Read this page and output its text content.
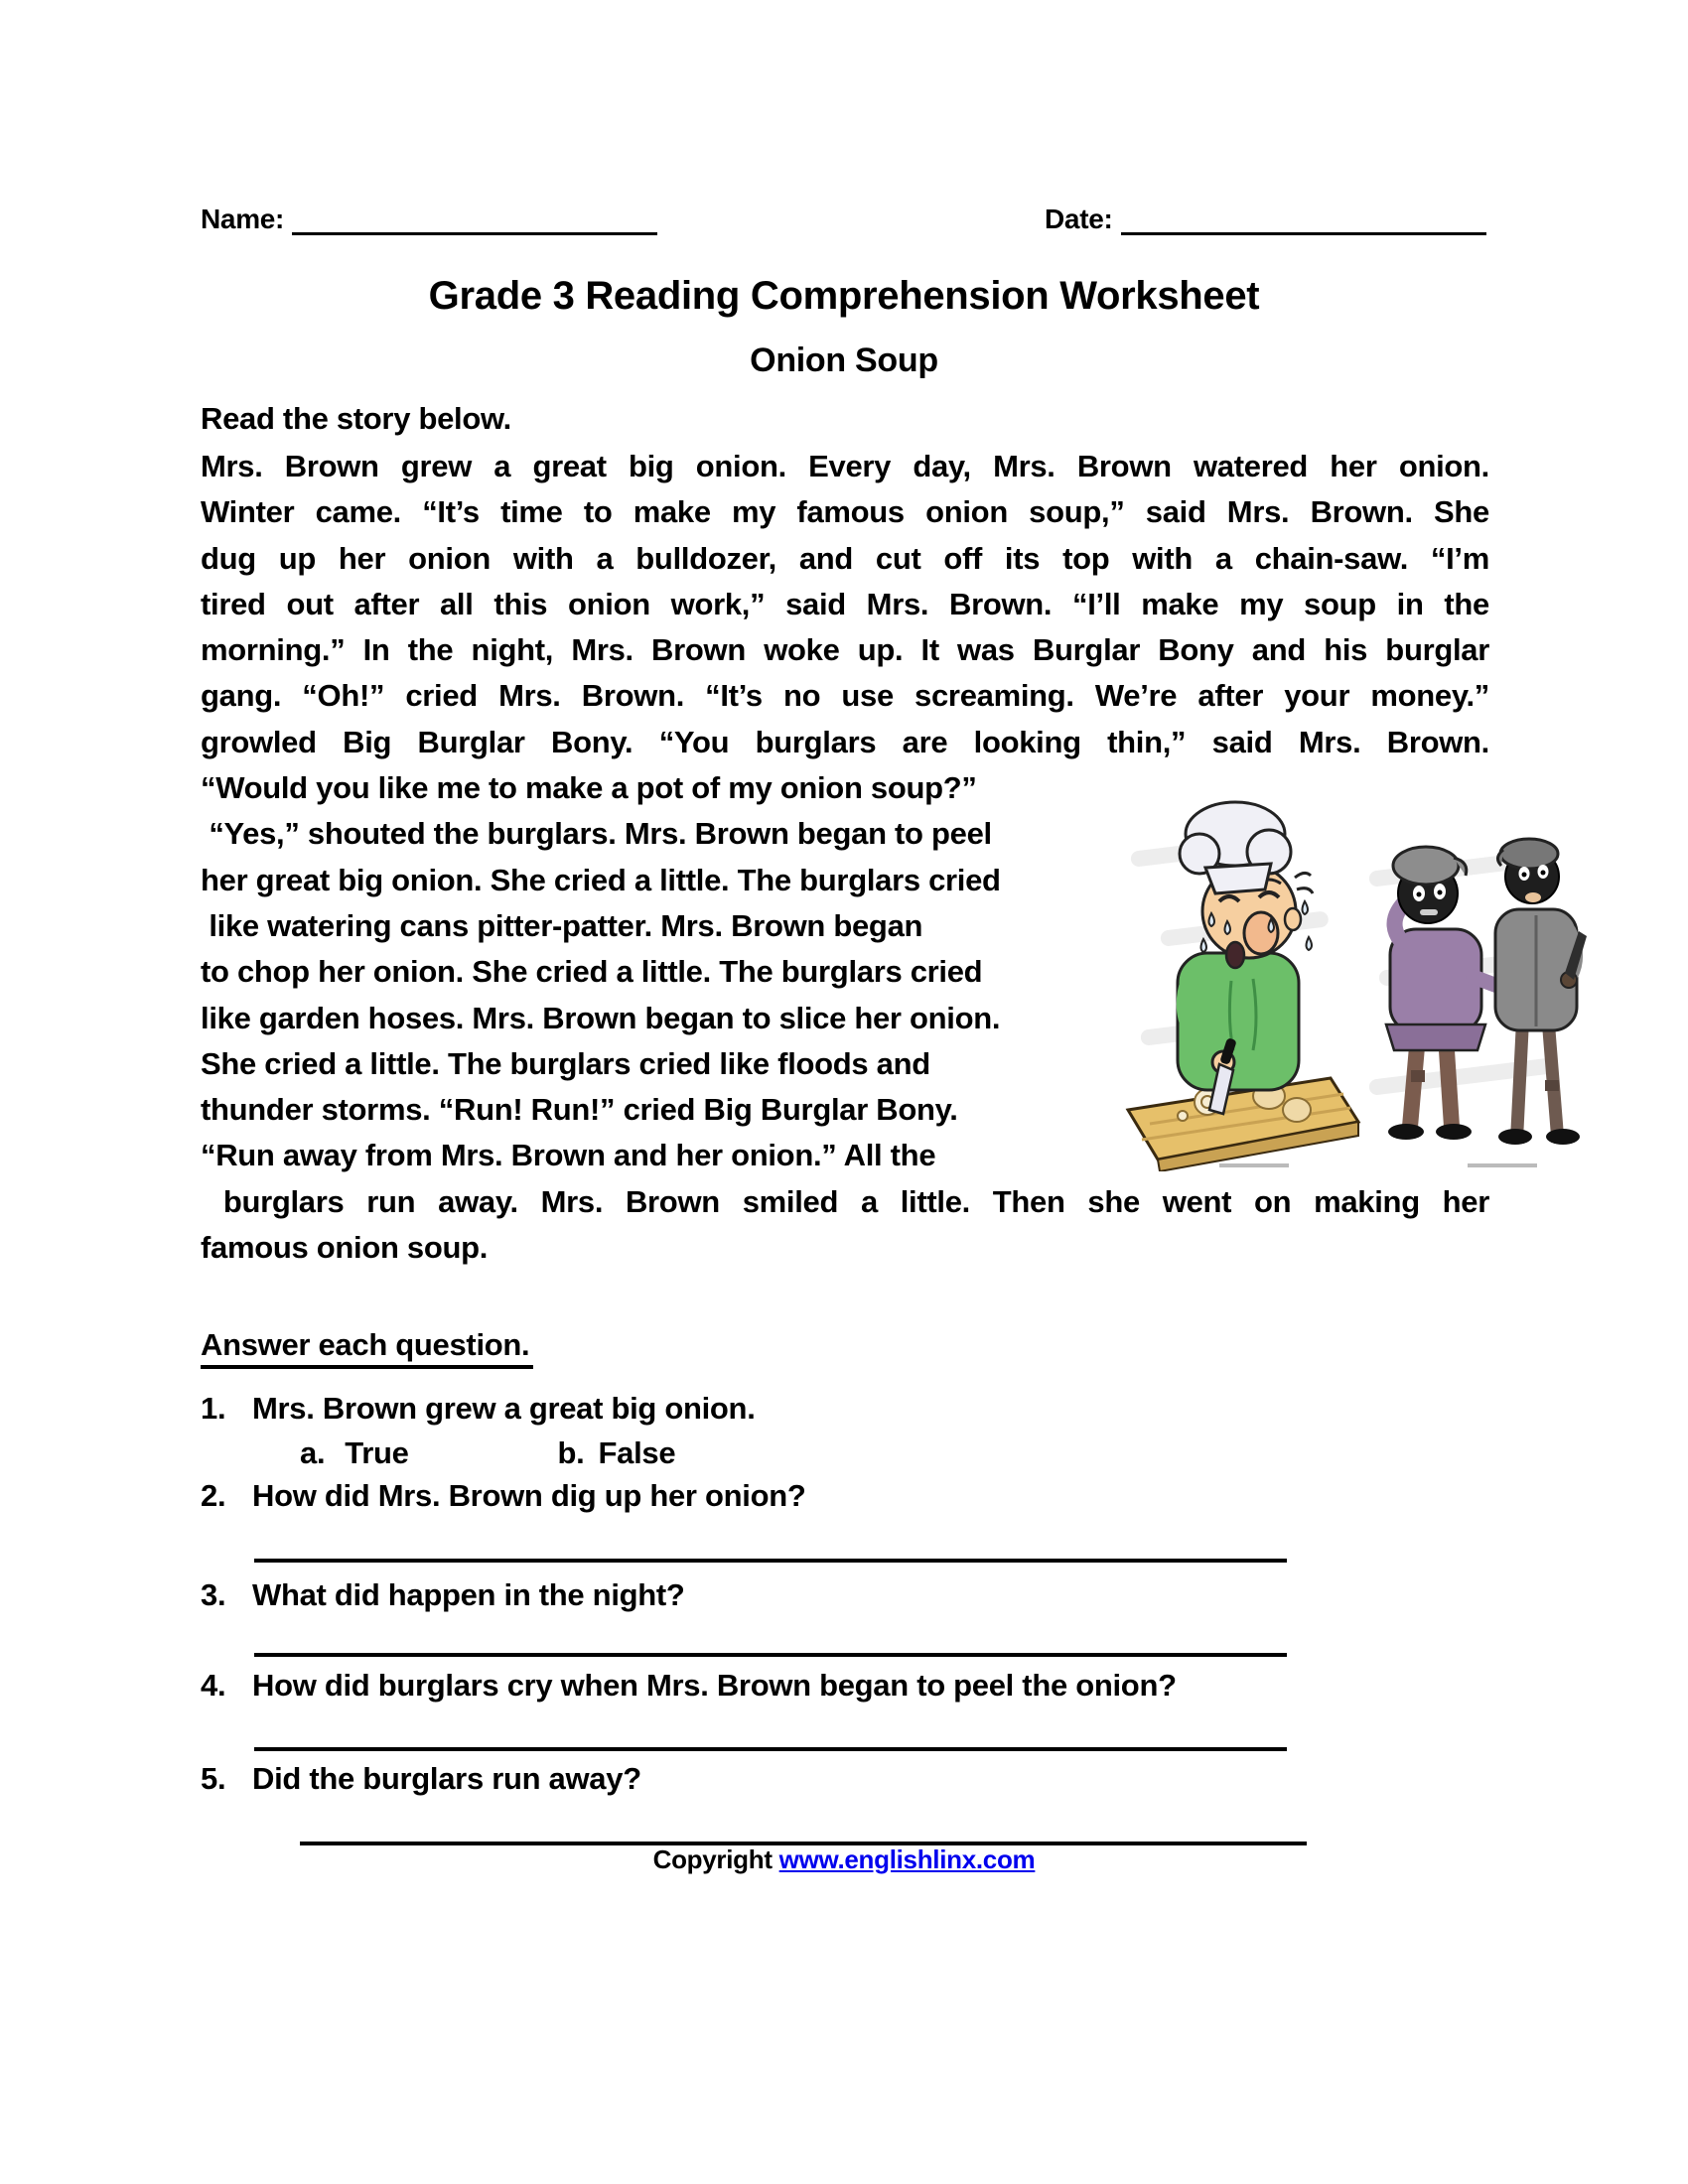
Name:	Date:
Grade 3 Reading Comprehension Worksheet
Onion Soup
Read the story below.
Mrs. Brown grew a great big onion. Every day, Mrs. Brown watered her onion.
Winter came. “It’s time to make my famous onion soup,” said Mrs. Brown. She
dug up her onion with a bulldozer, and cut off its top with a chain-saw. “I’m
tired out after all this onion work,” said Mrs. Brown. “I’ll make my soup in the
morning.” In the night, Mrs. Brown woke up. It was Burglar Bony and his burglar
gang. “Oh!” cried Mrs. Brown. “It’s no use screaming. We’re after your money.”
growled Big Burglar Bony. “You burglars are looking thin,” said Mrs. Brown.
“Would you like me to make a pot of my onion soup?”
“Yes,” shouted the burglars. Mrs. Brown began to peel
her great big onion. She cried a little. The burglars cried
like watering cans pitter-patter. Mrs. Brown began
to chop her onion. She cried a little. The burglars cried
like garden hoses. Mrs. Brown began to slice her onion.
She cried a little. The burglars cried like floods and
thunder storms. “Run! Run!” cried Big Burglar Bony.
“Run away from Mrs. Brown and her onion.” All the
burglars run away. Mrs. Brown smiled a little. Then she went on making her
famous onion soup.
Answer each question.
1. Mrs. Brown grew a great big onion.
a. True	b. False
2. How did Mrs. Brown dig up her onion?
3. What did happen in the night?
4. How did burglars cry when Mrs. Brown began to peel the onion?
5. Did the burglars run away?
Copyright www.englishlinx.com
